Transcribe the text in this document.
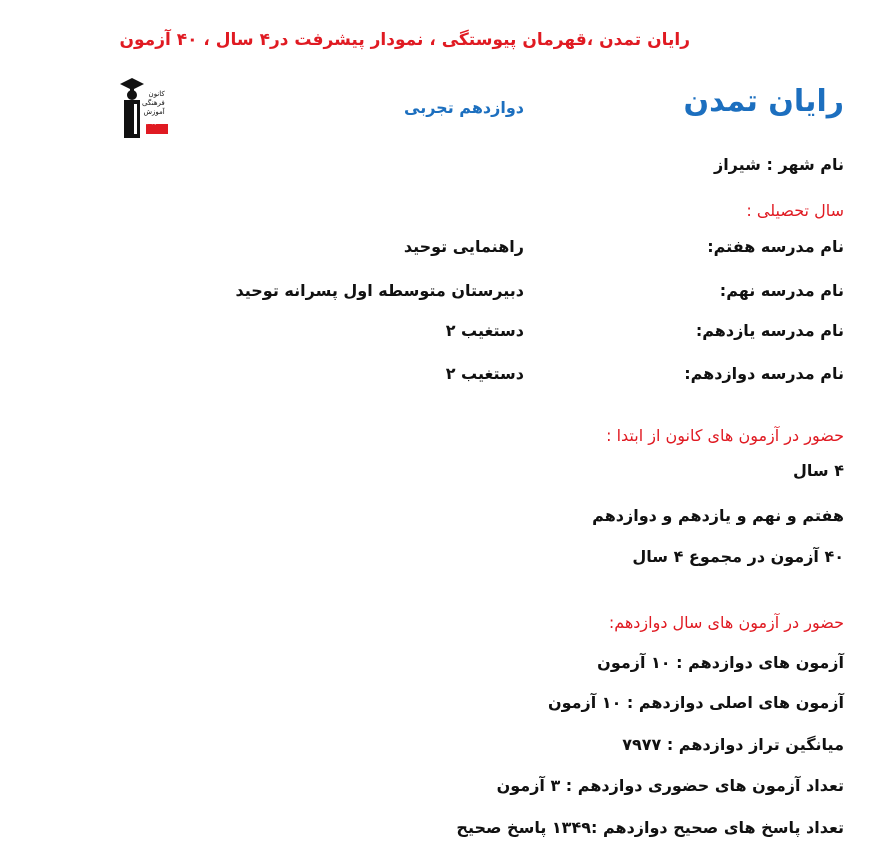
رایان تمدن ،قهرمان پیوستگی ، نمودار پیشرفت در۴ سال ، ۴۰ آزمون
رایان تمدن
دوازدهم تجربی
کانون
فرهنگی
آموزش
قلم‌چی
نام شهر : شیراز
سال تحصیلی :
نام مدرسه هفتم:
راهنمایی توحید
نام مدرسه نهم:
دبیرستان متوسطه اول پسرانه توحید
نام مدرسه یازدهم:
دستغیب ۲
نام مدرسه دوازدهم:
دستغیب ۲
حضور در آزمون های کانون از ابتدا :
۴ سال
هفتم و نهم و یازدهم و دوازدهم
۴۰ آزمون در مجموع ۴ سال
حضور در آزمون های سال دوازدهم:
آزمون های دوازدهم : ۱۰ آزمون
آزمون های اصلی دوازدهم : ۱۰ آزمون
میانگین تراز دوازدهم : ۷۹۷۷
تعداد آزمون های حضوری دوازدهم : ۳ آزمون
تعداد پاسخ های صحیح دوازدهم :۱۳۴۹ پاسخ صحیح
